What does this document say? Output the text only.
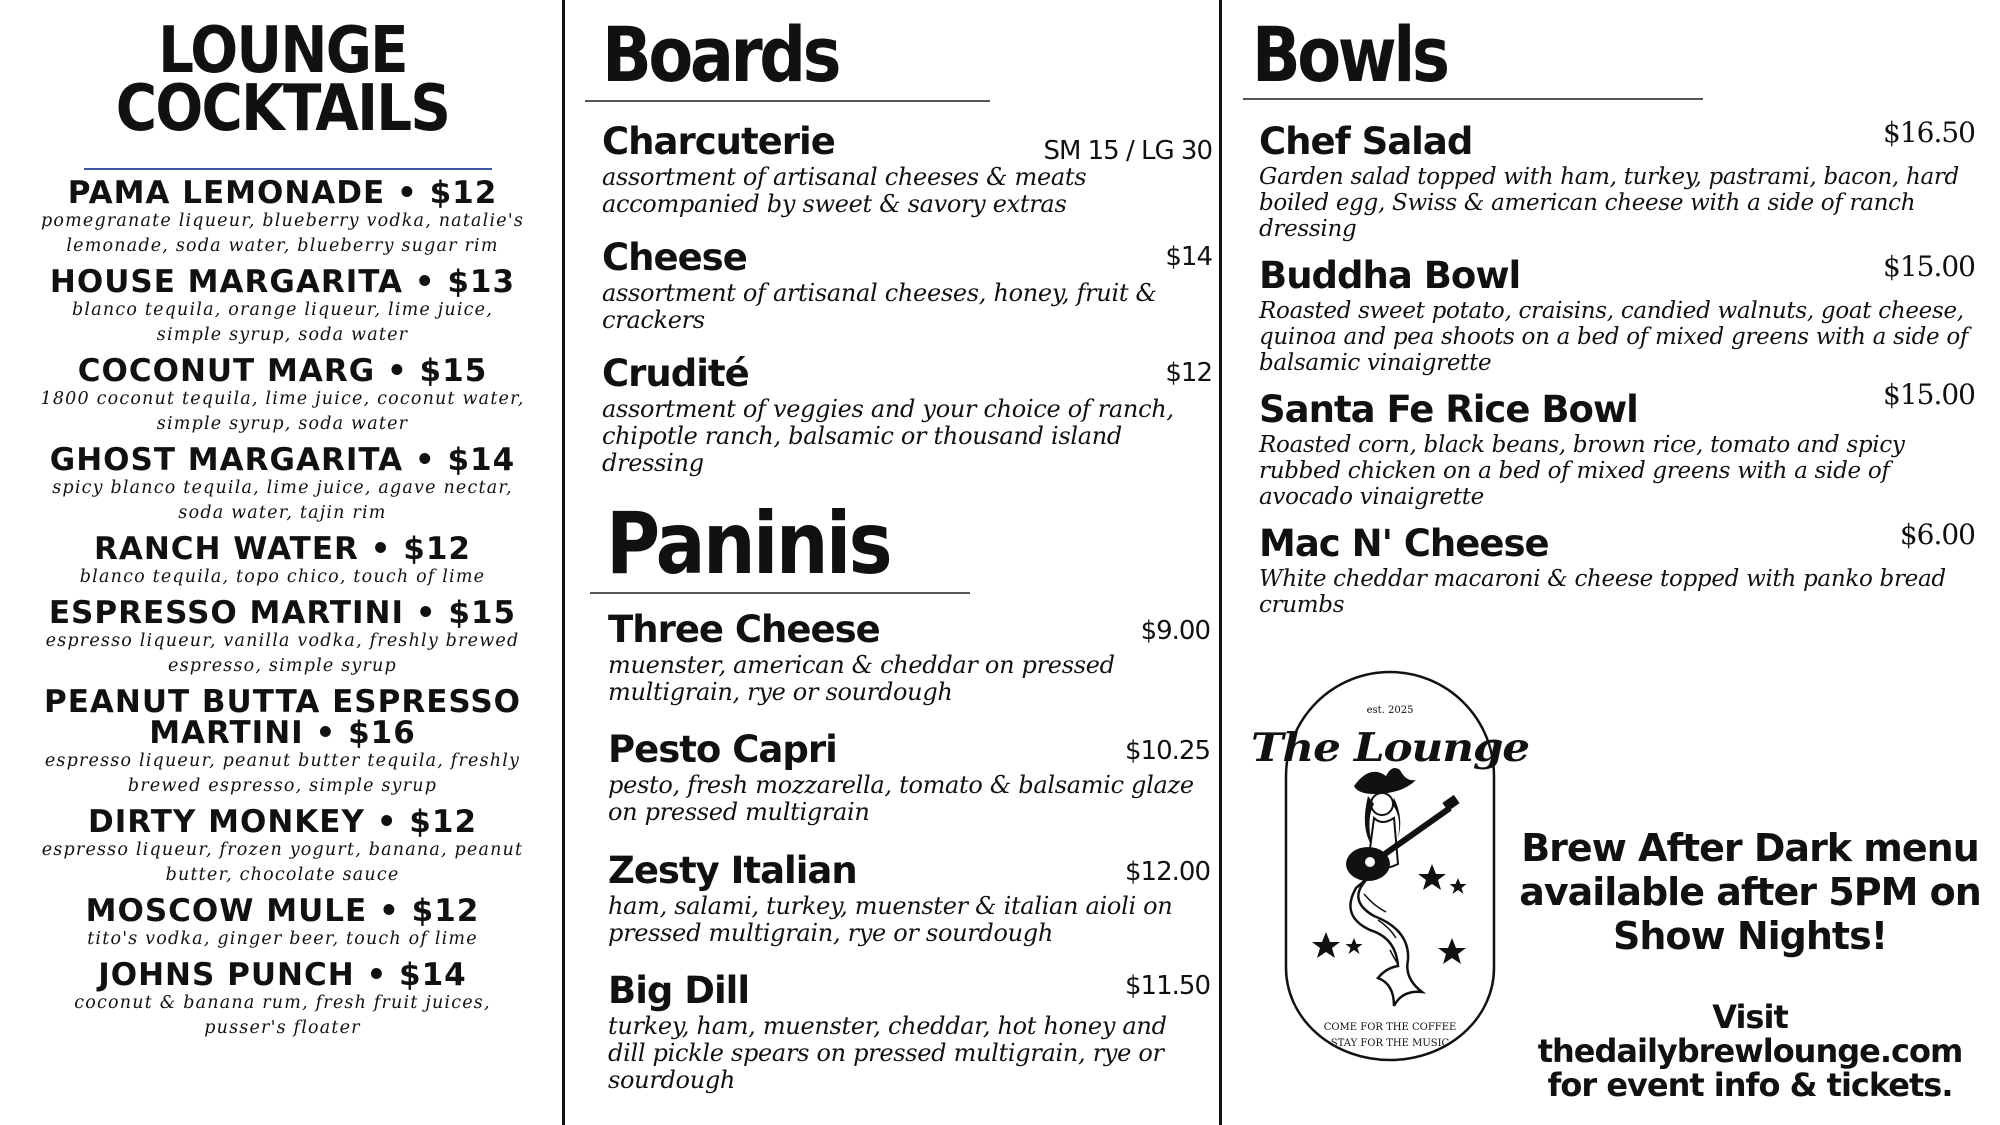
LOUNGE
COCKTAILS
PAMA LEMONADE • $12
pomegranate liqueur, blueberry vodka, natalie's lemonade, soda water, blueberry sugar rim
HOUSE MARGARITA • $13
blanco tequila, orange liqueur, lime juice, simple syrup, soda water
COCONUT MARG • $15
1800 coconut tequila, lime juice, coconut water, simple syrup, soda water
GHOST MARGARITA • $14
spicy blanco tequila, lime juice, agave nectar, soda water, tajin rim
RANCH WATER • $12
blanco tequila, topo chico, touch of lime
ESPRESSO MARTINI • $15
espresso liqueur, vanilla vodka, freshly brewed espresso, simple syrup
PEANUT BUTTA ESPRESSO MARTINI • $16
espresso liqueur, peanut butter tequila, freshly brewed espresso, simple syrup
DIRTY MONKEY • $12
espresso liqueur, frozen yogurt, banana, peanut butter, chocolate sauce
MOSCOW MULE • $12
tito's vodka, ginger beer, touch of lime
JOHNS PUNCH • $14
coconut & banana rum, fresh fruit juices, pusser's floater
Boards
Charcuterie	SM 15 / LG 30
assortment of artisanal cheeses & meats accompanied by sweet & savory extras
Cheese	$14
assortment of artisanal cheeses, honey, fruit & crackers
Crudité	$12
assortment of veggies and your choice of ranch, chipotle ranch, balsamic or thousand island dressing
Paninis
Three Cheese	$9.00
muenster, american & cheddar on pressed multigrain, rye or sourdough
Pesto Capri	$10.25
pesto, fresh mozzarella, tomato & balsamic glaze on pressed multigrain
Zesty Italian	$12.00
ham, salami, turkey, muenster & italian aioli on pressed multigrain, rye or sourdough
Big Dill	$11.50
turkey, ham, muenster, cheddar, hot honey and dill pickle spears on pressed multigrain, rye or sourdough
Bowls
Chef Salad	$16.50
Garden salad topped with ham, turkey, pastrami, bacon, hard boiled egg, Swiss & american cheese with a side of ranch dressing
Buddha Bowl	$15.00
Roasted sweet potato, craisins, candied walnuts, goat cheese, quinoa and pea shoots on a bed of mixed greens with a side of balsamic vinaigrette
Santa Fe Rice Bowl	$15.00
Roasted corn, black beans, brown rice, tomato and spicy rubbed chicken on a bed of mixed greens with a side of avocado vinaigrette
Mac N' Cheese	$6.00
White cheddar macaroni & cheese topped with panko bread crumbs
est. 2025
The Lounge
COME FOR THE COFFEE
STAY FOR THE MUSIC
Brew After Dark menu
available after 5PM on
Show Nights!
Visit thedailybrewlounge.com
for event info & tickets.
